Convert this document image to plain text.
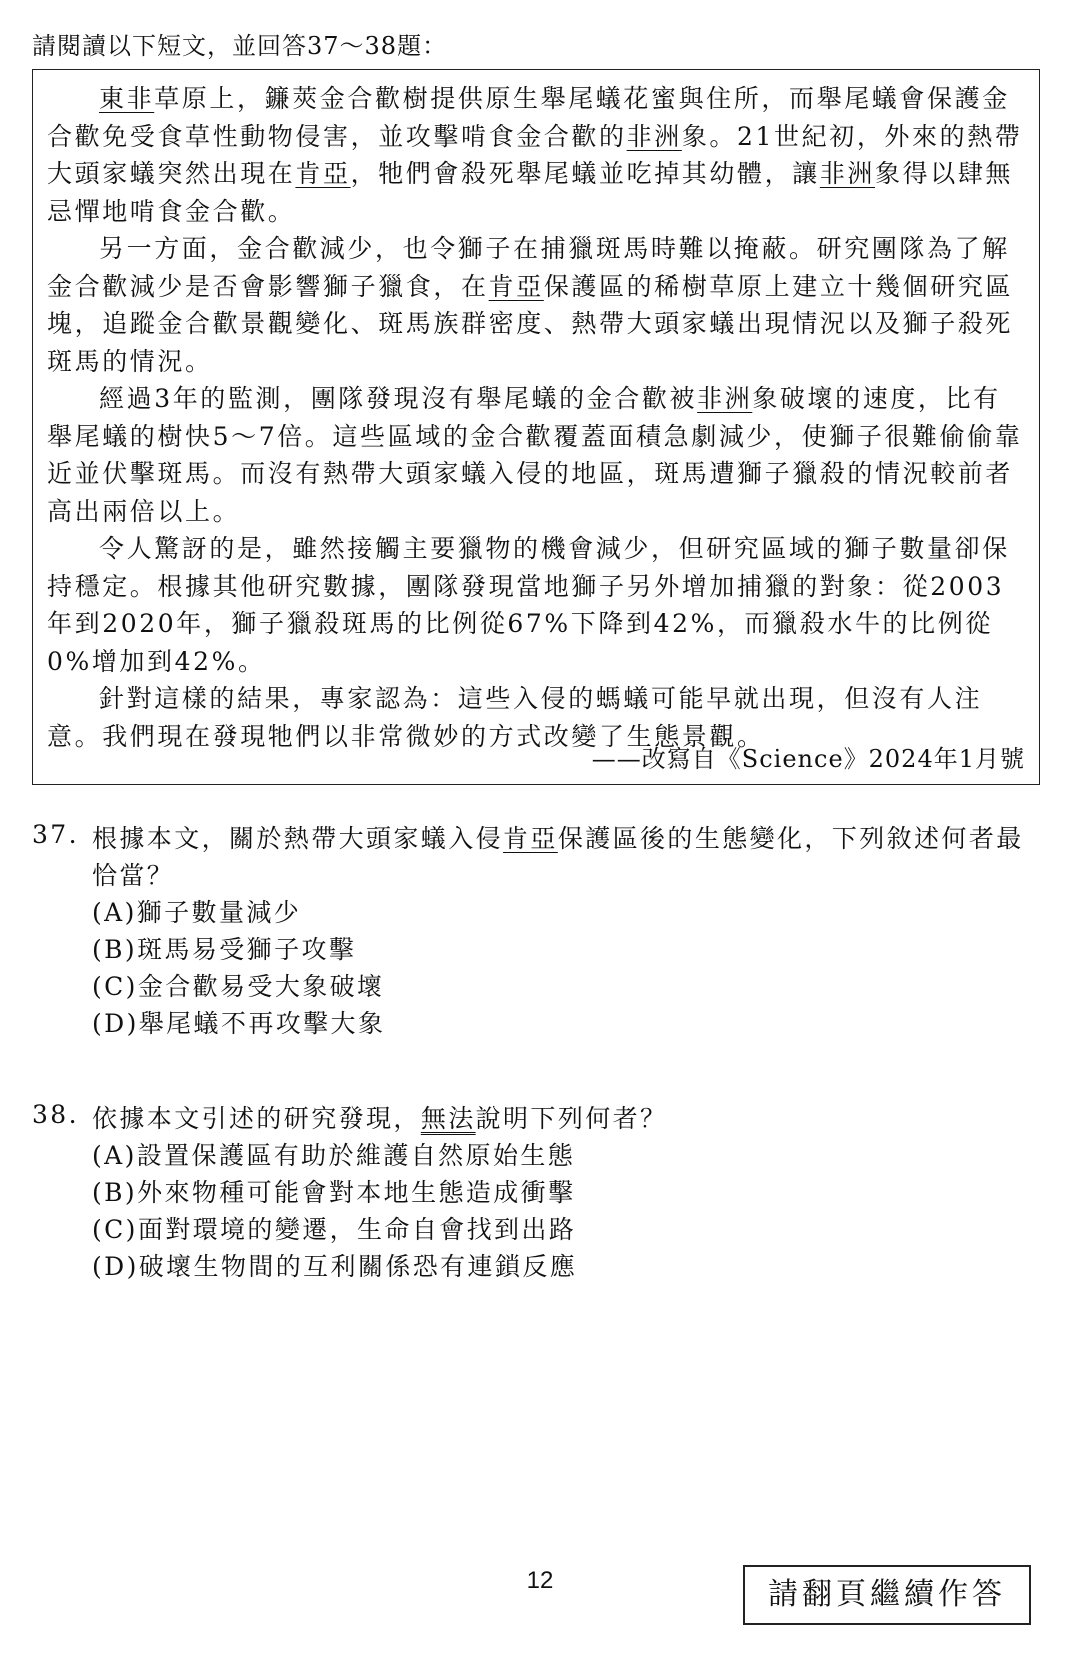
請閱讀以下短文，並回答37～38題：
東非草原上，鐮莢金合歡樹提供原生舉尾蟻花蜜與住所，而舉尾蟻會保護金合歡免受食草性動物侵害，並攻擊啃食金合歡的非洲象。21世紀初，外來的熱帶大頭家蟻突然出現在肯亞，牠們會殺死舉尾蟻並吃掉其幼體，讓非洲象得以肆無忌憚地啃食金合歡。
另一方面，金合歡減少，也令獅子在捕獵斑馬時難以掩蔽。研究團隊為了解金合歡減少是否會影響獅子獵食，在肯亞保護區的稀樹草原上建立十幾個研究區塊，追蹤金合歡景觀變化、斑馬族群密度、熱帶大頭家蟻出現情況以及獅子殺死斑馬的情況。
經過3年的監測，團隊發現沒有舉尾蟻的金合歡被非洲象破壞的速度，比有舉尾蟻的樹快5～7倍。這些區域的金合歡覆蓋面積急劇減少，使獅子很難偷偷靠近並伏擊斑馬。而沒有熱帶大頭家蟻入侵的地區，斑馬遭獅子獵殺的情況較前者高出兩倍以上。
令人驚訝的是，雖然接觸主要獵物的機會減少，但研究區域的獅子數量卻保持穩定。根據其他研究數據，團隊發現當地獅子另外增加捕獵的對象：從2003年到2020年，獅子獵殺斑馬的比例從67%下降到42%，而獵殺水牛的比例從0%增加到42%。
針對這樣的結果，專家認為：這些入侵的螞蟻可能早就出現，但沒有人注意。我們現在發現牠們以非常微妙的方式改變了生態景觀。
——改寫自《Science》2024年1月號
37. 根據本文，關於熱帶大頭家蟻入侵肯亞保護區後的生態變化，下列敘述何者最恰當？
(A)獅子數量減少
(B)斑馬易受獅子攻擊
(C)金合歡易受大象破壞
(D)舉尾蟻不再攻擊大象
38. 依據本文引述的研究發現，無法說明下列何者？
(A)設置保護區有助於維護自然原始生態
(B)外來物種可能會對本地生態造成衝擊
(C)面對環境的變遷，生命自會找到出路
(D)破壞生物間的互利關係恐有連鎖反應
12	請翻頁繼續作答
